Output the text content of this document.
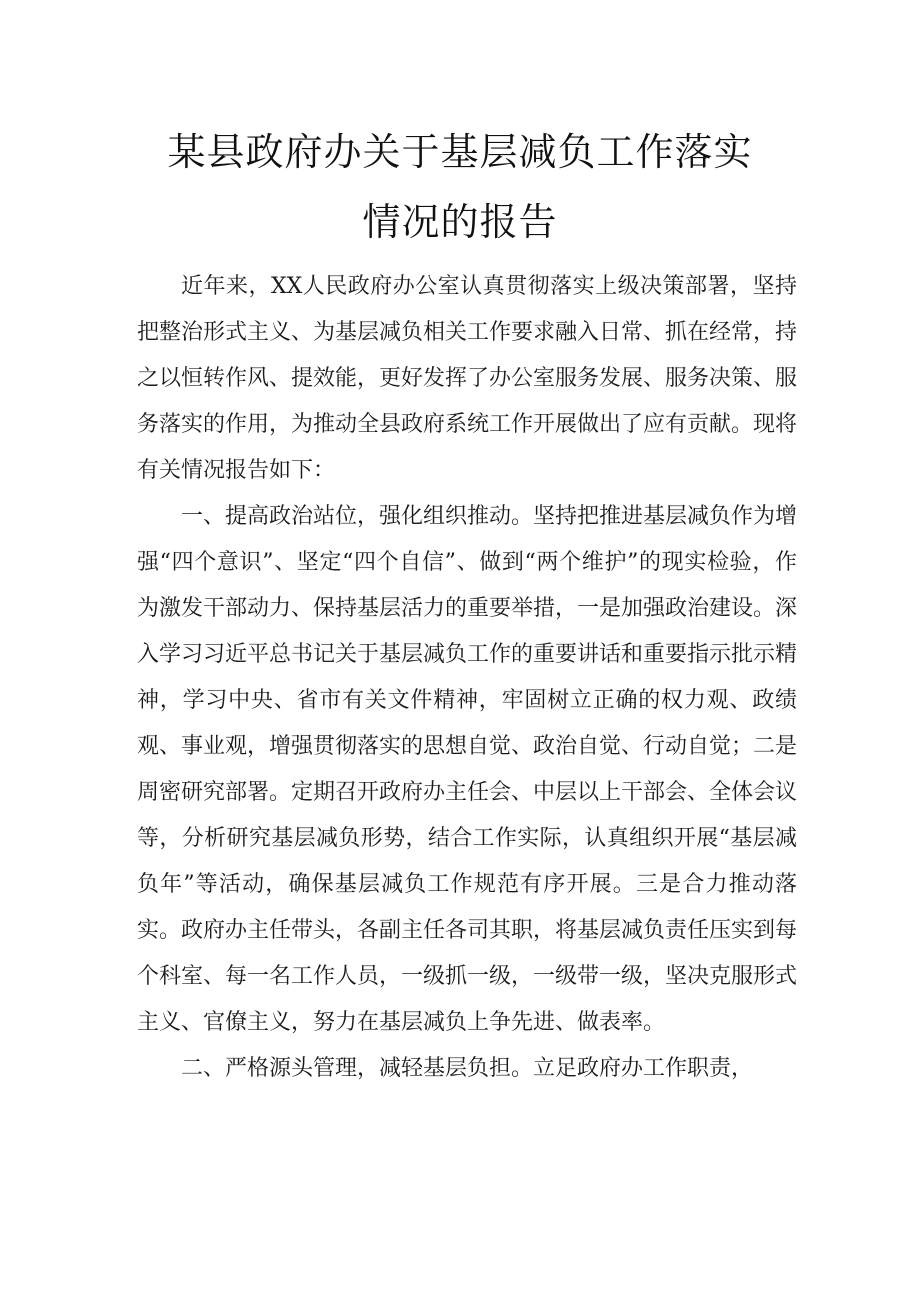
某县政府办关于基层减负工作落实
情况的报告

近年来，XX人民政府办公室认真贯彻落实上级决策部署，坚持把整治形式主义、为基层减负相关工作要求融入日常、抓在经常，持之以恒转作风、提效能，更好发挥了办公室服务发展、服务决策、服务落实的作用，为推动全县政府系统工作开展做出了应有贡献。现将有关情况报告如下：

一、提高政治站位，强化组织推动。坚持把推进基层减负作为增强“四个意识”、坚定“四个自信”、做到“两个维护”的现实检验，作为激发干部动力、保持基层活力的重要举措，一是加强政治建设。深入学习习近平总书记关于基层减负工作的重要讲话和重要指示批示精神，学习中央、省市有关文件精神，牢固树立正确的权力观、政绩观、事业观，增强贯彻落实的思想自觉、政治自觉、行动自觉；二是周密研究部署。定期召开政府办主任会、中层以上干部会、全体会议等，分析研究基层减负形势，结合工作实际，认真组织开展“基层减负年”等活动，确保基层减负工作规范有序开展。三是合力推动落实。政府办主任带头，各副主任各司其职，将基层减负责任压实到每个科室、每一名工作人员，一级抓一级，一级带一级，坚决克服形式主义、官僚主义，努力在基层减负上争先进、做表率。

二、严格源头管理，减轻基层负担。立足政府办工作职责，
